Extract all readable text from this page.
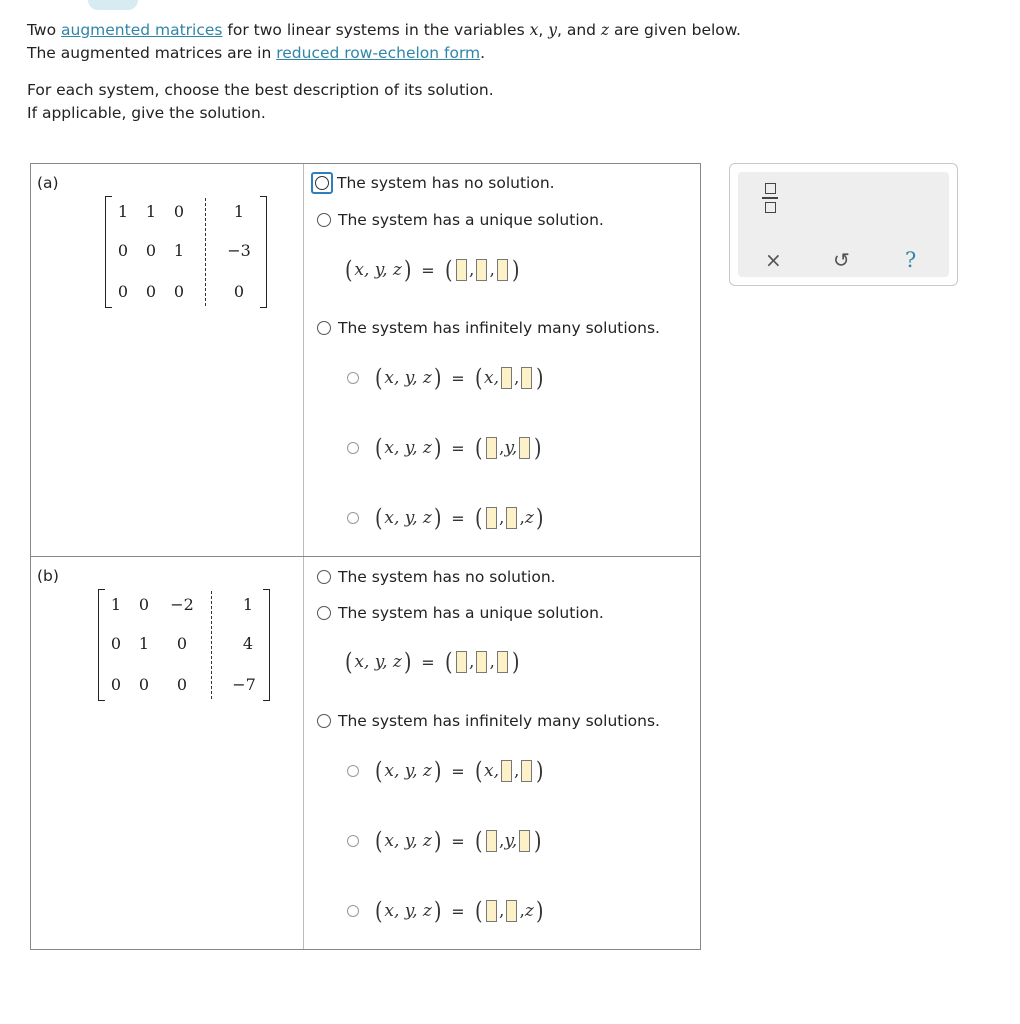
Two augmented matrices for two linear systems in the variables x, y, and z are given below.

The augmented matrices are in reduced row-echelon form.

For each system, choose the best description of its solution.

If applicable, give the solution.

(a)
1	1	0	1
0	0	1	−3
0	0	0	0
The system has no solution.
The system has a unique solution.
( x, y, z ) = ( , , )
The system has infinitely many solutions.
( x, y, z ) = ( x, , )
( x, y, z ) = ( , y, )
( x, y, z ) = ( , , z )
(b)
1	0	−2	1
0	1	0	4
0	0	0	−7
The system has no solution.
The system has a unique solution.
( x, y, z ) = ( , , )
The system has infinitely many solutions.
( x, y, z ) = ( x, , )
( x, y, z ) = ( , y, )
( x, y, z ) = ( , , z )
×	↺	?
